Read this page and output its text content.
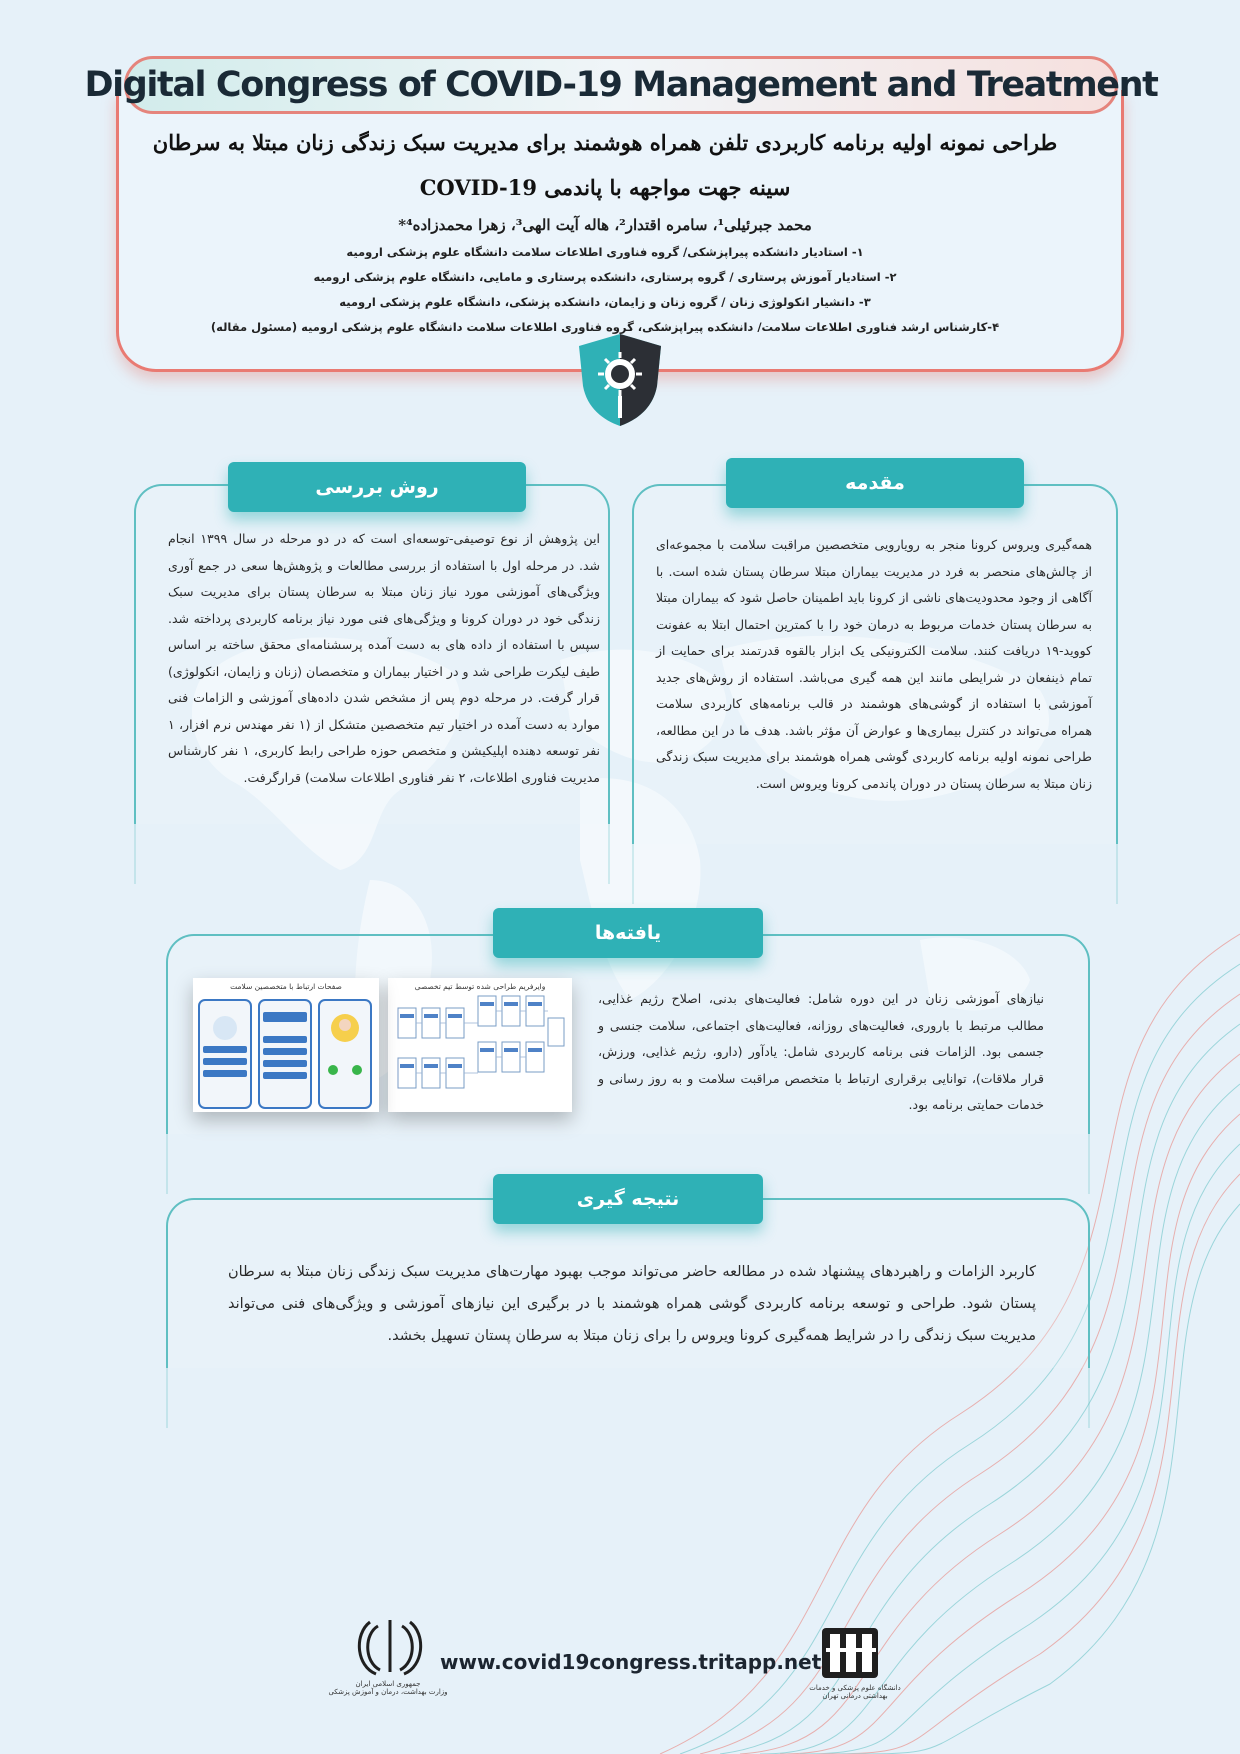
Digital Congress of COVID-19 Management and Treatment
طراحی نمونه اولیه برنامه کاربردی تلفن همراه هوشمند برای مدیریت سبک زندگی زنان مبتلا به سرطان سینه جهت مواجهه با پاندمی COVID-19
محمد جبرئیلی¹، سامره اقتدار²، هاله آیت الهی³، زهرا محمدزاده⁴*
۱- استادیار دانشکده پیراپزشکی/ گروه فناوری اطلاعات سلامت دانشگاه علوم پزشکی ارومیه
۲- استادیار آموزش پرستاری / گروه پرستاری، دانشکده پرستاری و مامایی، دانشگاه علوم پزشکی ارومیه
۳- دانشیار انکولوژی زنان / گروه زنان و زایمان، دانشکده پزشکی، دانشگاه علوم پزشکی ارومیه
۴-کارشناس ارشد فناوری اطلاعات سلامت/ دانشکده پیراپزشکی، گروه فناوری اطلاعات سلامت دانشگاه علوم پزشکی ارومیه (مسئول مقاله)
مقدمه
همه‌گیری ویروس کرونا منجر به رویارویی متخصصین مراقبت سلامت با مجموعه‌ای از چالش‌های منحصر به فرد در مدیریت بیماران مبتلا سرطان پستان شده است. با آگاهی از وجود محدودیت‌های ناشی از کرونا باید اطمینان حاصل شود که بیماران مبتلا به سرطان پستان خدمات مربوط به درمان خود را با کمترین احتمال ابتلا به عفونت کووید-۱۹ دریافت کنند. سلامت الکترونیکی یک ابزار بالقوه قدرتمند برای حمایت از تمام ذینفعان در شرایطی مانند این همه گیری می‌باشد. استفاده از روش‌های جدید آموزشی با استفاده از گوشی‌های هوشمند در قالب برنامه‌های کاربردی سلامت همراه می‌تواند در کنترل بیماری‌ها و عوارض آن مؤثر باشد. هدف ما در این مطالعه، طراحی نمونه اولیه برنامه کاربردی گوشی همراه هوشمند برای مدیریت سبک زندگی زنان مبتلا به سرطان پستان در دوران پاندمی کرونا ویروس است.
روش بررسی
این پژوهش از نوع توصیفی-توسعه‌ای است که در دو مرحله در سال ۱۳۹۹ انجام شد. در مرحله اول با استفاده از بررسی مطالعات و پژوهش‌ها سعی در جمع آوری ویژگی‌های آموزشی مورد نیاز زنان مبتلا به سرطان پستان برای مدیریت سبک زندگی خود در دوران کرونا و ویژگی‌های فنی مورد نیاز برنامه کاربردی پرداخته شد. سپس با استفاده از داده های به دست آمده پرسشنامه‌ای محقق ساخته بر اساس طیف لیکرت طراحی شد و در اختیار بیماران و متخصصان (زنان و زایمان، انکولوژی) قرار گرفت. در مرحله دوم پس از مشخص شدن داده‌های آموزشی و الزامات فنی موارد به دست آمده در اختیار تیم متخصصین متشکل از (۱ نفر مهندس نرم افزار، ۱ نفر توسعه دهنده اپلیکیشن و متخصص حوزه طراحی رابط کاربری، ۱ نفر کارشناس مدیریت فناوری اطلاعات، ۲ نفر فناوری اطلاعات سلامت) قرارگرفت.
یافته‌ها
نیازهای آموزشی زنان در این دوره شامل: فعالیت‌های بدنی، اصلاح رژیم غذایی، مطالب مرتبط با باروری، فعالیت‌های روزانه، فعالیت‌های اجتماعی، سلامت جنسی و جسمی بود. الزامات فنی برنامه کاربردی شامل: یادآور (دارو، رژیم غذایی، ورزش، قرار ملاقات)، توانایی برقراری ارتباط با متخصص مراقبت سلامت و به روز رسانی و خدمات حمایتی برنامه بود.
وایرفریم طراحی شده توسط تیم تخصصی
صفحات ارتباط با متخصصین سلامت
نتیجه گیری
کاربرد الزامات و راهبردهای پیشنهاد شده در مطالعه حاضر می‌تواند موجب بهبود مهارت‌های مدیریت سبک زندگی زنان مبتلا به سرطان پستان شود. طراحی و توسعه برنامه کاربردی گوشی همراه هوشمند با در برگیری این نیازهای آموزشی و ویژگی‌های فنی می‌تواند مدیریت سبک زندگی را در شرایط همه‌گیری کرونا ویروس را برای زنان مبتلا به سرطان پستان تسهیل بخشد.
جمهوری اسلامی ایران
وزارت بهداشت، درمان و آموزش پزشکی
www.covid19congress.tritapp.net
دانشگاه علوم پزشکی و خدمات بهداشتی درمانی تهران
